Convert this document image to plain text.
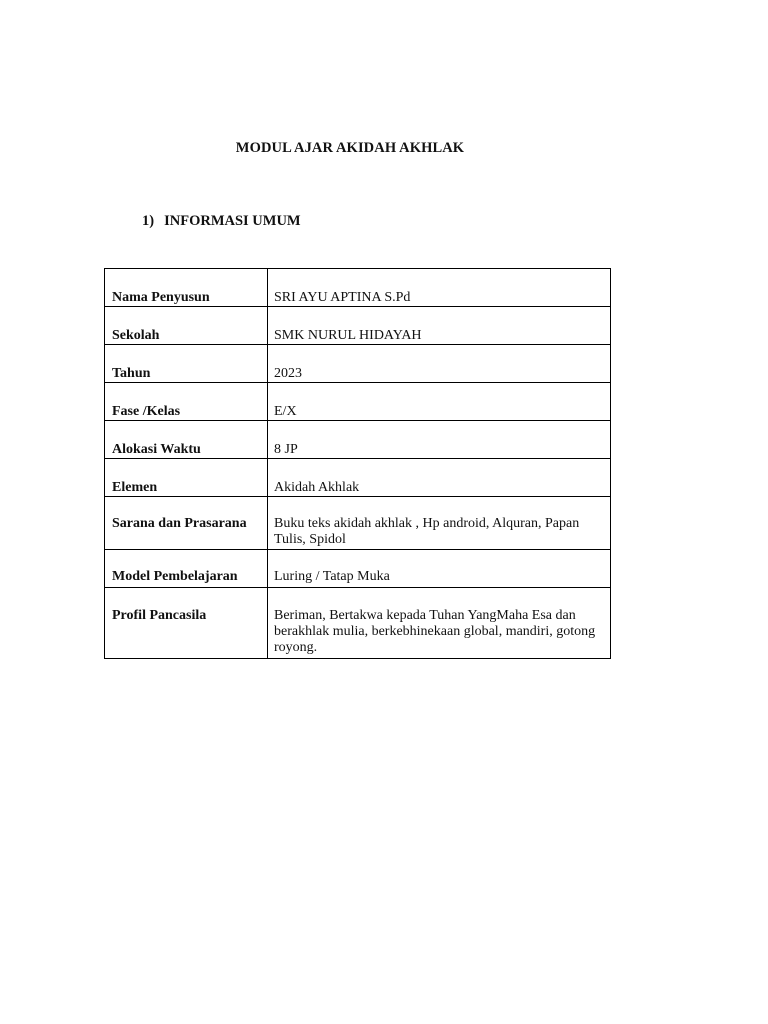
MODUL AJAR AKIDAH AKHLAK
1) INFORMASI UMUM
Nama Penyusun	SRI AYU APTINA S.Pd
Sekolah	SMK NURUL HIDAYAH
Tahun	2023
Fase /Kelas	E/X
Alokasi Waktu	8 JP
Elemen	Akidah Akhlak
Sarana dan Prasarana	Buku teks akidah akhlak , Hp android, Alquran, Papan Tulis, Spidol
Model Pembelajaran	Luring / Tatap Muka
Profil Pancasila	Beriman, Bertakwa kepada Tuhan YangMaha Esa dan berakhlak mulia, berkebhinekaan global, mandiri, gotong royong.
